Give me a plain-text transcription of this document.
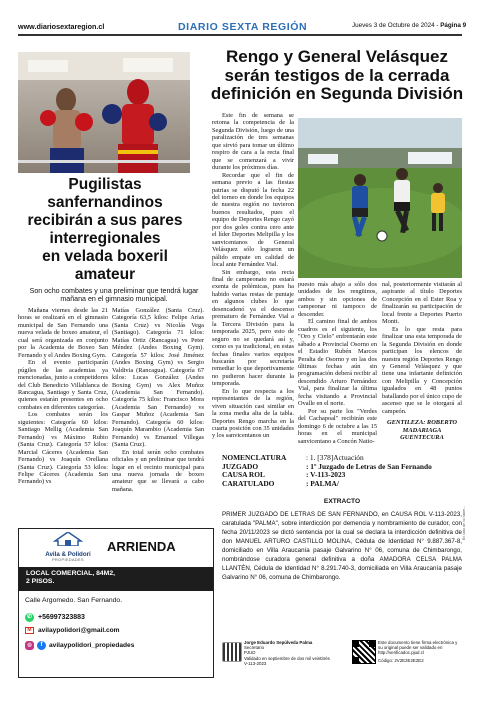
www.diariosextaregion.cl	DIARIO SEXTA REGIÓN	Jueves 3 de Octubre de 2024 - Página 9
Pugilistas
sanfernandinos
recibirán a sus pares
interregionales
en velada boxeril
amateur
Son ocho combates y una preliminar que tendrá lugar mañana en el gimnasio municipal.

Mañana viernes desde las 21 horas se realizará en el gimnasio municipal de San Fernando una nueva velada de boxeo amateur, el cual será organizada en conjunto por la Academia de Boxeo San Fernando y el Andes Boxing Gym.

En el evento participarán púgiles de las academias ya mencionadas, junto a competidores del Club Benedicto Villablanca de Rancagua, Santiago y Santa Cruz, quienes estarán presentes en ocho combates en diferentes categorías.

Los combates serán los siguientes: Categoría 60 kilos: Santiago Mellig (Academia San Fernando) vs Máximo Rubio (Santa Cruz). Categoría 57 kilos: Marcial Cáceres (Academia San Fernando) vs Joaquín Orellana (Santa Cruz). Categoría 53 kilos: Felipe Cáceres (Academia San Fernando) vs

Matías González (Santa Cruz). Categoría 63,5 kilos: Felipe Arias (Santa Cruz) vs Nicolás Vega (Santiago). Categoría 71 kilos: Matías Ortiz (Rancagua) vs Peter Méndez (Andes Boxing Gym). Categoría 57 kilos: José Jiménez (Andes Boxing Gym) vs Sergio Valdivia (Rancagua). Categoría 67 kilos: Lucas González (Andes Boxing Gym) vs Alex Muñoz (Academia San Fernando). Categoría 75 kilos: Francisco Mora (Academia San Fernando) vs Gaspar Muñoz (Academia San Fernando). Categoría 60 kilos: Joaquín Marambio (Academia San Fernando) vs Emanuel Villegas (Santa Cruz).

En total serán ocho combates oficiales y un preliminar que tendrá lugar en el recinto municipal para una nueva jornada de boxeo amateur que se llevará a cabo mañana.

Rengo y General Velásquez
serán testigos de la cerrada
definición en Segunda División

Este fin de semana se retoma la competencia de la Segunda División, luego de una paralización de tres semanas que sirvió para tomar un último respiro de cara a la recta final que se comenzará a vivir durante los próximos días.

Recordar que el fin de semana previo a las fiestas patrias se disputó la fecha 22 del torneo en donde los equipos de nuestra región no tuvieron buenos resultados, pues el equipo de Deportes Rengo cayó por dos goles contra cero ante el líder Deportes Melipilla y los sanvicentanos de General Velásquez sólo lograron un pálido empate en calidad de local ante Fernández Vial.

Sin embargo, esta recta final de campeonato no estará exenta de polémicas, pues ha habido varias restas de puntaje en algunos clubes lo que desencadenó ya el descenso prematuro de Fernández Vial a la Tercera División para la temporada 2025, pero esto de seguro no se quedará así y, como es ya tradicional, en estas fechas finales varios equipos buscarán por secretaría remediar lo que deportivamente no pudieron hacer durante la temporada.

En lo que respecta a los representantes de la región, viven situación casi similar en la zona media alta de la tabla. Deportes Rengo marcha en la cuarta posición con 35 unidades y los sanvicentanos un

puesto más abajo a sólo dos unidades de los rengüinos, ambos y sin opciones de campeonar ni tampoco de descender.

El camino final de ambos cuadros es el siguiente, los "Oro y Cielo" enfrentarán este sábado a Provincial Osorno en el Estadio Rubén Marcos Peralta de Osorno y en las dos últimas fechas aún sin programación deberá recibir al descendido Arturo Fernández Vial, para finalizar la última fecha visitando a Provincial Ovalle en el norte.

Por su parte los "Verdes del Cachapoal" recibirán este domingo 6 de octubre a las 15 horas en el municipal sanvicentano a Concón Natio-

nal, posteriormente visitarán al aspirante al título Deportes Concepción en el Ester Roa y finalizarán su participación de local frente a Deportes Puerto Montt.

Es lo que resta para finalizar una esta temporada de la Segunda División en donde participan los elencos de nuestra región Deportes Rengo y General Velásquez y que tiene una infartante definición con Melipilla y Concepción igualados en 48 puntos batallando por el único cupo de ascenso que se le otorgará al campeón.

GENTILEZA: ROBERTO
MADARIAGA
GUENTECURA
NOMENCLATURA	: 1. [378]Actuación
JUZGADO	: 1º Juzgado de Letras de San Fernando
CAUSA ROL	: V-113-2023
CARATULADO	: PALMA/
EXTRACTO
PRIMER JUZGADO DE LETRAS DE SAN FERNANDO, en CAUSA ROL V-113-2023, caratulada "PALMA", sobre interdicción por demencia y nombramiento de curador, con fecha 20/11/2023 se dictó sentencia por la cual se declara la interdicción definitiva de don MANUEL ARTURO CASTILLO MOLINA, Cédula de Identidad N° 9.887.367-8, domiciliado en Villa Araucanía pasaje Galvarino N° 06, comuna de Chimbarongo, nombrándose curadora general definitiva a doña AMADORA CELSA PALMA LLANTÉN, Cédula de Identidad N° 8.291.740-3, domiciliada en Villa Araucanía pasaje Galvarino N° 06, comuna de Chimbarongo.
Jorge Eduardo Sepúlveda Palma
Secretario
PJUD
Validado en septiembre de dos mil veintitrés
V-113-2023
Este documento tiene firma electrónica y su original puede ser validado en http://verificadoc.pjud.cl
Código: 2V2E2E2E2E2
En caso de no haber...
Avila & Polidori
PROPIEDADES
ARRIENDA
LOCAL COMERCIAL, 84M2,
2 PISOS.
Calle Argomedo. San Fernando.
✆ +56997323883
M avilaypolidori@gmail.com
◎	f avilaypolidori_propiedades
